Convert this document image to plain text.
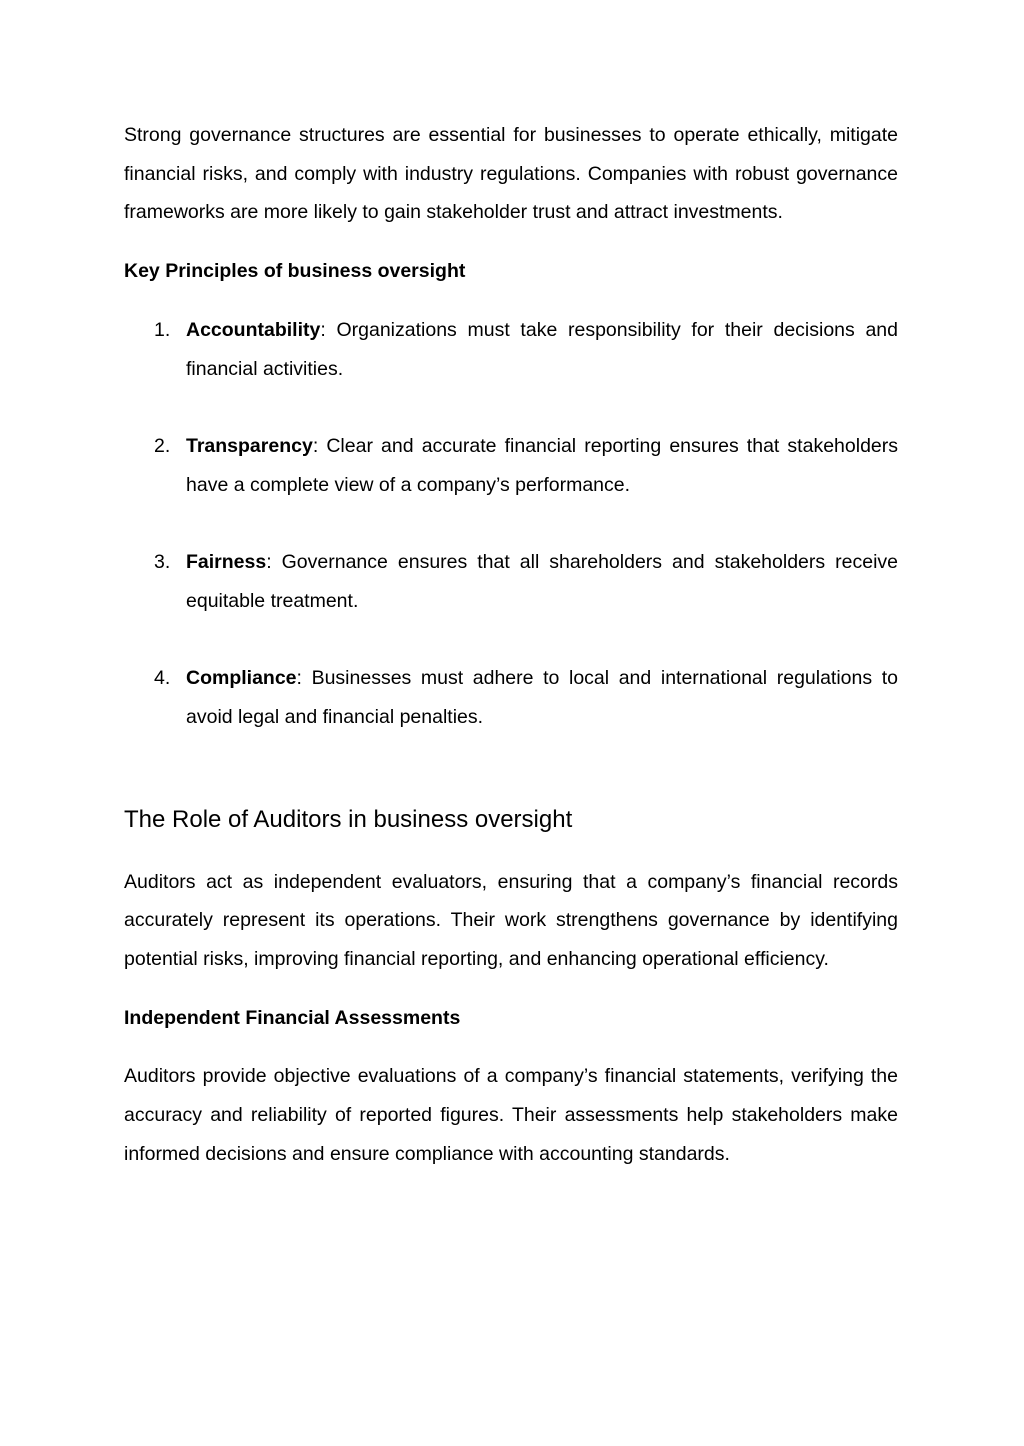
Strong governance structures are essential for businesses to operate ethically, mitigate financial risks, and comply with industry regulations. Companies with robust governance frameworks are more likely to gain stakeholder trust and attract investments.

Key Principles of business oversight
1. Accountability: Organizations must take responsibility for their decisions and financial activities.
2. Transparency: Clear and accurate financial reporting ensures that stakeholders have a complete view of a company’s performance.
3. Fairness: Governance ensures that all shareholders and stakeholders receive equitable treatment.
4. Compliance: Businesses must adhere to local and international regulations to avoid legal and financial penalties.
The Role of Auditors in business oversight

Auditors act as independent evaluators, ensuring that a company’s financial records accurately represent its operations. Their work strengthens governance by identifying potential risks, improving financial reporting, and enhancing operational efficiency.

Independent Financial Assessments

Auditors provide objective evaluations of a company’s financial statements, verifying the accuracy and reliability of reported figures. Their assessments help stakeholders make informed decisions and ensure compliance with accounting standards.
